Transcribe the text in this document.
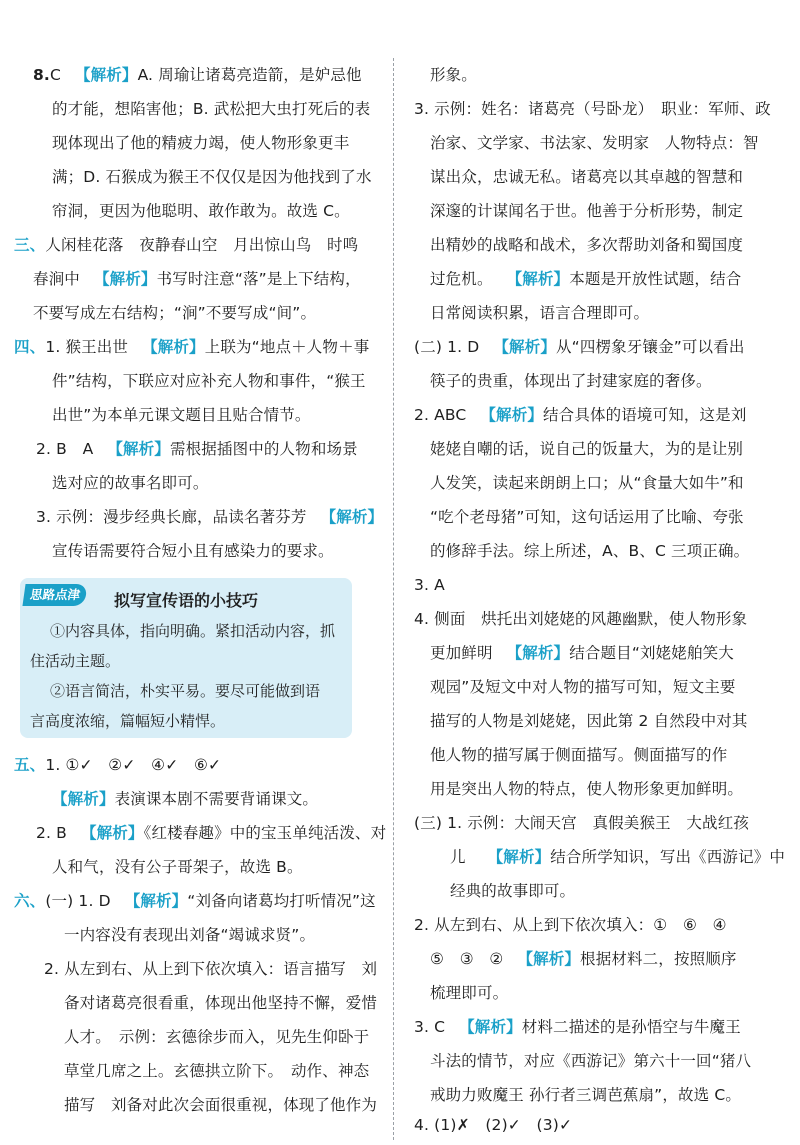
8.C 【解析】A. 周瑜让诸葛亮造箭，是妒忌他
的才能，想陷害他；B. 武松把大虫打死后的表
现体现出了他的精疲力竭，使人物形象更丰
满；D. 石猴成为猴王不仅仅是因为他找到了水
帘洞，更因为他聪明、敢作敢为。故选 C。
三、人闲桂花落　夜静春山空　月出惊山鸟　时鸣
春涧中 【解析】书写时注意“落”是上下结构，
不要写成左右结构；“涧”不要写成“间”。
四、1. 猴王出世 【解析】上联为“地点＋人物＋事
件”结构，下联应对应补充人物和事件，“猴王
出世”为本单元课文题目且贴合情节。
2. B　A 【解析】需根据插图中的人物和场景
选对应的故事名即可。
3. 示例：漫步经典长廊，品读名著芬芳 【解析】
宣传语需要符合短小且有感染力的要求。
思路点津	拟写宣传语的小技巧
①内容具体，指向明确。紧扣活动内容，抓
住活动主题。
②语言简洁，朴实平易。要尽可能做到语
言高度浓缩，篇幅短小精悍。
五、1. ①✓　②✓　④✓　⑥✓
【解析】表演课本剧不需要背诵课文。
2. B 【解析】《红楼春趣》中的宝玉单纯活泼、对
人和气，没有公子哥架子，故选 B。
六、(一) 1. D 【解析】“刘备向诸葛均打听情况”这
一内容没有表现出刘备“竭诚求贤”。
2. 从左到右、从上到下依次填入：语言描写　刘
备对诸葛亮很看重，体现出他坚持不懈，爱惜
人才。　示例：玄德徐步而入，见先生仰卧于
草堂几席之上。玄德拱立阶下。　动作、神态
描写　刘备对此次会面很重视，体现了他作为
形象。
3. 示例：姓名：诸葛亮（号卧龙）　职业：军师、政
治家、文学家、书法家、发明家　人物特点：智
谋出众，忠诚无私。诸葛亮以其卓越的智慧和
深邃的计谋闻名于世。他善于分析形势，制定
出精妙的战略和战术，多次帮助刘备和蜀国度
过危机。 【解析】本题是开放性试题，结合
日常阅读积累，语言合理即可。
(二) 1. D 【解析】从“四楞象牙镶金”可以看出
筷子的贵重，体现出了封建家庭的奢侈。
2. ABC 【解析】结合具体的语境可知，这是刘
姥姥自嘲的话，说自己的饭量大，为的是让别
人发笑，读起来朗朗上口；从“食量大如牛”和
“吃个老母猪”可知，这句话运用了比喻、夸张
的修辞手法。综上所述，A、B、C 三项正确。
3. A
4. 侧面　烘托出刘姥姥的风趣幽默，使人物形象
更加鲜明 【解析】结合题目“刘姥姥舶笑大
观园”及短文中对人物的描写可知，短文主要
描写的人物是刘姥姥，因此第 2 自然段中对其
他人物的描写属于侧面描写。侧面描写的作
用是突出人物的特点，使人物形象更加鲜明。
(三) 1. 示例：大闹天宫　真假美猴王　大战红孩
儿 【解析】结合所学知识，写出《西游记》中
经典的故事即可。
2. 从左到右、从上到下依次填入：①　⑥　④
⑤　③　② 【解析】根据材料二，按照顺序
梳理即可。
3. C 【解析】材料二描述的是孙悟空与牛魔王
斗法的情节，对应《西游记》第六十一回“猪八
戒助力败魔王 孙行者三调芭蕉扇”，故选 C。
4. (1)✗　(2)✓　(3)✓
